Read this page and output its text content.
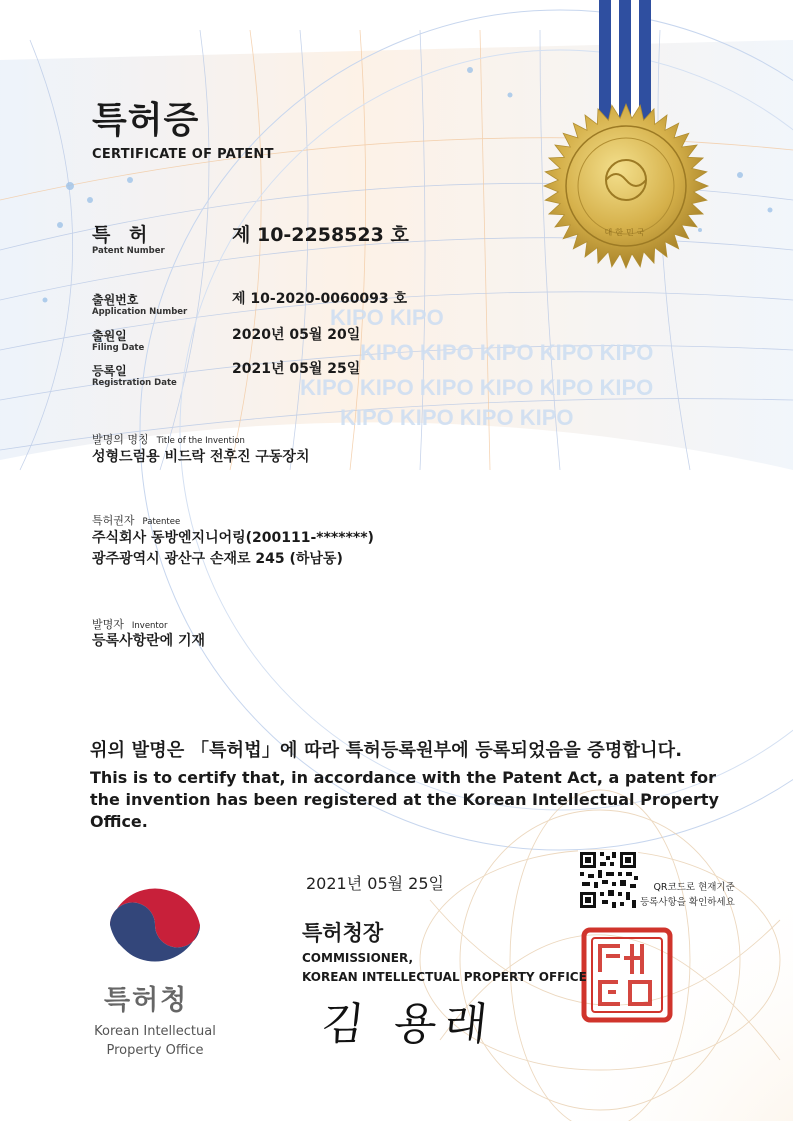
KIPO KIPO
KIPO KIPO KIPO KIPO KIPO
KIPO KIPO KIPO KIPO KIPO KIPO
KIPO KIPO KIPO KIPO
대한민국
특허증
CERTIFICATE OF PATENT
특 허
Patent Number
제 10-2258523 호
출원번호
Application Number
제 10-2020-0060093 호
출원일
Filing Date
2020년 05월 20일
등록일
Registration Date
2021년 05월 25일
발명의 명칭 Title of the Invention
성형드럼용 비드락 전후진 구동장치
특허권자 Patentee
주식회사 동방엔지니어링(200111-*******)
광주광역시 광산구 손재로 245 (하남동)
발명자 Inventor
등록사항란에 기재
위의 발명은 「특허법」에 따라 특허등록원부에 등록되었음을 증명합니다.
This is to certify that, in accordance with the Patent Act, a patent for the invention has been registered at the Korean Intellectual Property Office.
2021년 05월 25일
특허청장
COMMISSIONER,
KOREAN INTELLECTUAL PROPERTY OFFICE
김 용래
QR코드로 현재기준
등록사항을 확인하세요
특허청
Korean Intellectual
Property Office
